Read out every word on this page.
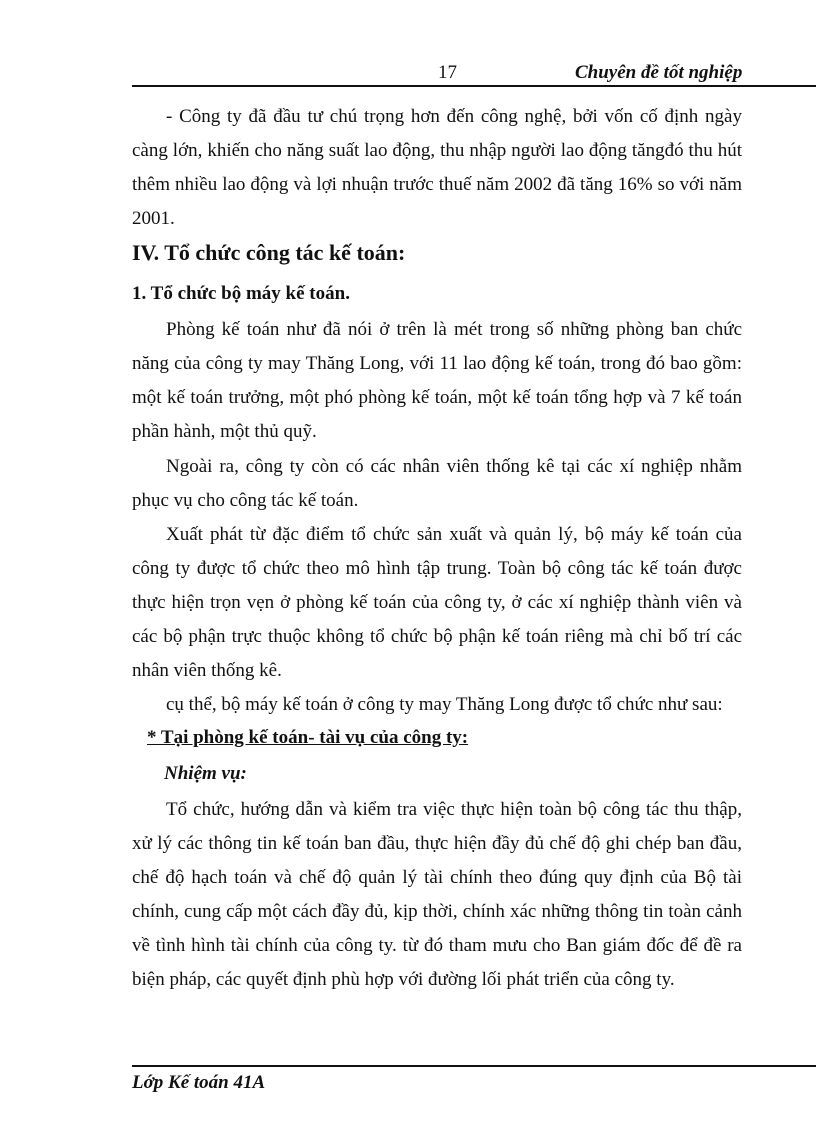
17	Chuyên đề tốt nghiệp

- Công ty đã đầu tư chú trọng hơn đến công nghệ, bởi vốn cố định ngày càng lớn, khiến cho năng suất lao động, thu nhập người lao động tăngđó thu hút thêm nhiều lao động và lợi nhuận trước thuế năm 2002 đã tăng 16% so với năm 2001.

IV. Tổ chức công tác kế toán:
1. Tổ chức bộ máy kế toán.

Phòng kế toán như đã nói ở trên là mét trong số những phòng ban chức năng của công ty may Thăng Long, với 11 lao động kế toán, trong đó bao gồm: một kế toán trưởng, một phó phòng kế toán, một kế toán tổng hợp và 7 kế toán phần hành, một thủ quỹ.

Ngoài ra, công ty còn có các nhân viên thống kê tại các xí nghiệp nhằm phục vụ cho công tác kế toán.

Xuất phát từ đặc điểm tổ chức sản xuất và quản lý, bộ máy kế toán của công ty được tổ chức theo mô hình tập trung. Toàn bộ công tác kế toán được thực hiện trọn vẹn ở phòng kế toán của công ty, ở các xí nghiệp thành viên và các bộ phận trực thuộc không tổ chức bộ phận kế toán riêng mà chỉ bố trí các nhân viên thống kê.

cụ thể, bộ máy kế toán ở công ty may Thăng Long được tổ chức như sau:

* Tại phòng kế toán- tài vụ của công ty:
Nhiệm vụ:

Tổ chức, hướng dẫn và kiểm tra việc thực hiện toàn bộ công tác thu thập, xử lý các thông tin kế toán ban đầu, thực hiện đầy đủ chế độ ghi chép ban đầu, chế độ hạch toán và chế độ quản lý tài chính theo đúng quy định của Bộ tài chính, cung cấp một cách đầy đủ, kịp thời, chính xác những thông tin toàn cảnh về tình hình tài chính của công ty. từ đó tham mưu cho Ban giám đốc để đề ra biện pháp, các quyết định phù hợp với đường lối phát triển của công ty.

Lớp Kế toán 41A
